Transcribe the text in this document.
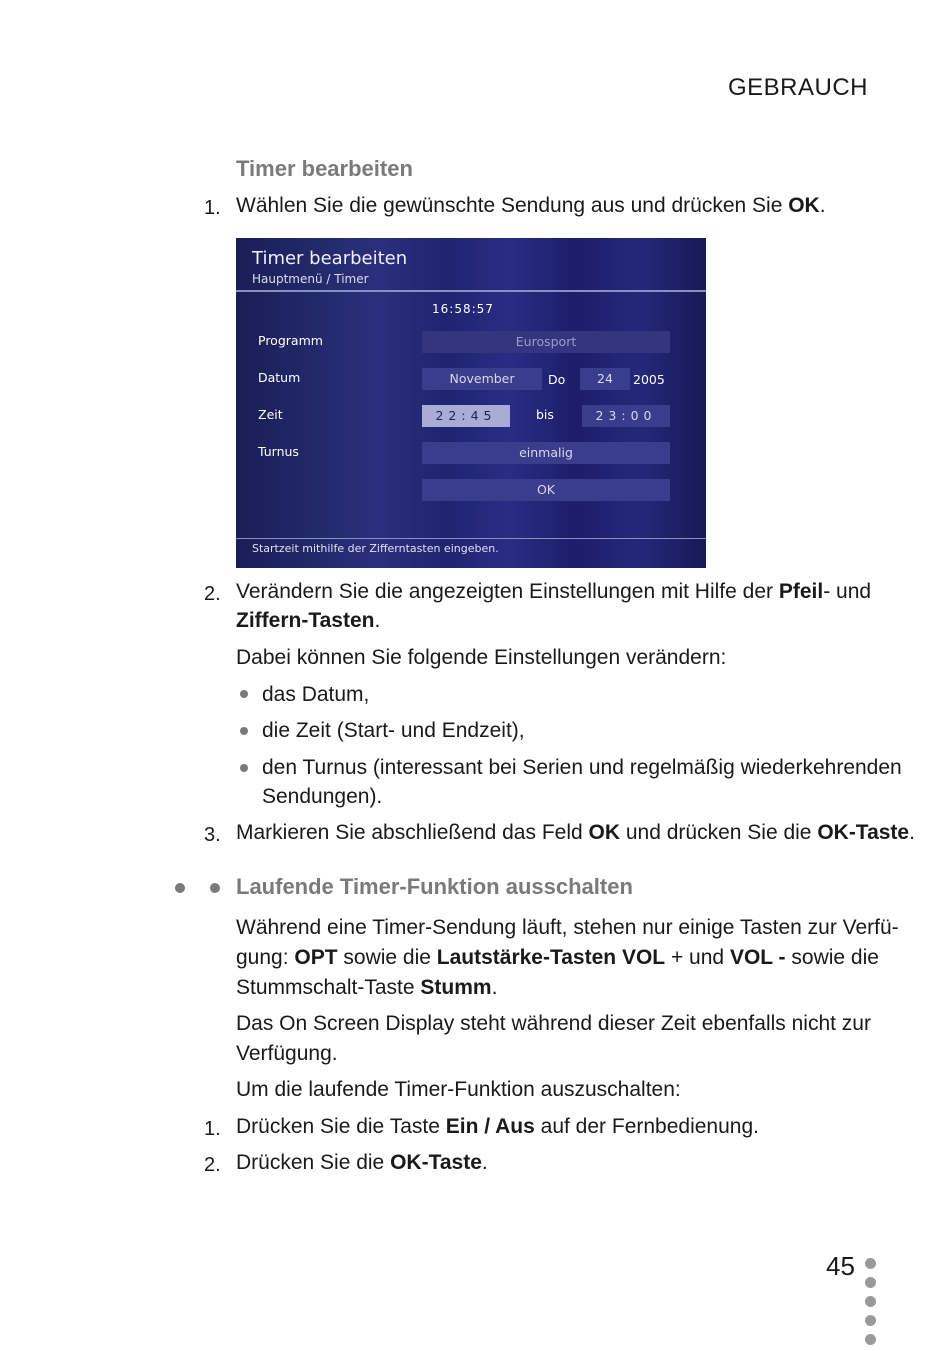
GEBRAUCH
Timer bearbeiten
1. Wählen Sie die gewünschte Sendung aus und drücken Sie OK.
Timer bearbeiten
Hauptmenü / Timer
16:58:57
Programm	Eurosport
Datum	November	Do	24	2005
Zeit	22:45	bis	23:00
Turnus	einmalig
OK
Startzeit mithilfe der Zifferntasten eingeben.
2. Verändern Sie die angezeigten Einstellungen mit Hilfe der Pfeil- und
Ziffern-Tasten.
Dabei können Sie folgende Einstellungen verändern:
das Datum,
die Zeit (Start- und Endzeit),
den Turnus (interessant bei Serien und regelmäßig wiederkehrenden
Sendungen).
3. Markieren Sie abschließend das Feld OK und drücken Sie die OK-Taste.
Laufende Timer-Funktion ausschalten
Während eine Timer-Sendung läuft, stehen nur einige Tasten zur Verfü-
gung: OPT sowie die Lautstärke-Tasten VOL + und VOL - sowie die
Stummschalt-Taste Stumm.
Das On Screen Display steht während dieser Zeit ebenfalls nicht zur
Verfügung.
Um die laufende Timer-Funktion auszuschalten:
1. Drücken Sie die Taste Ein / Aus auf der Fernbedienung.
2. Drücken Sie die OK-Taste.
45
